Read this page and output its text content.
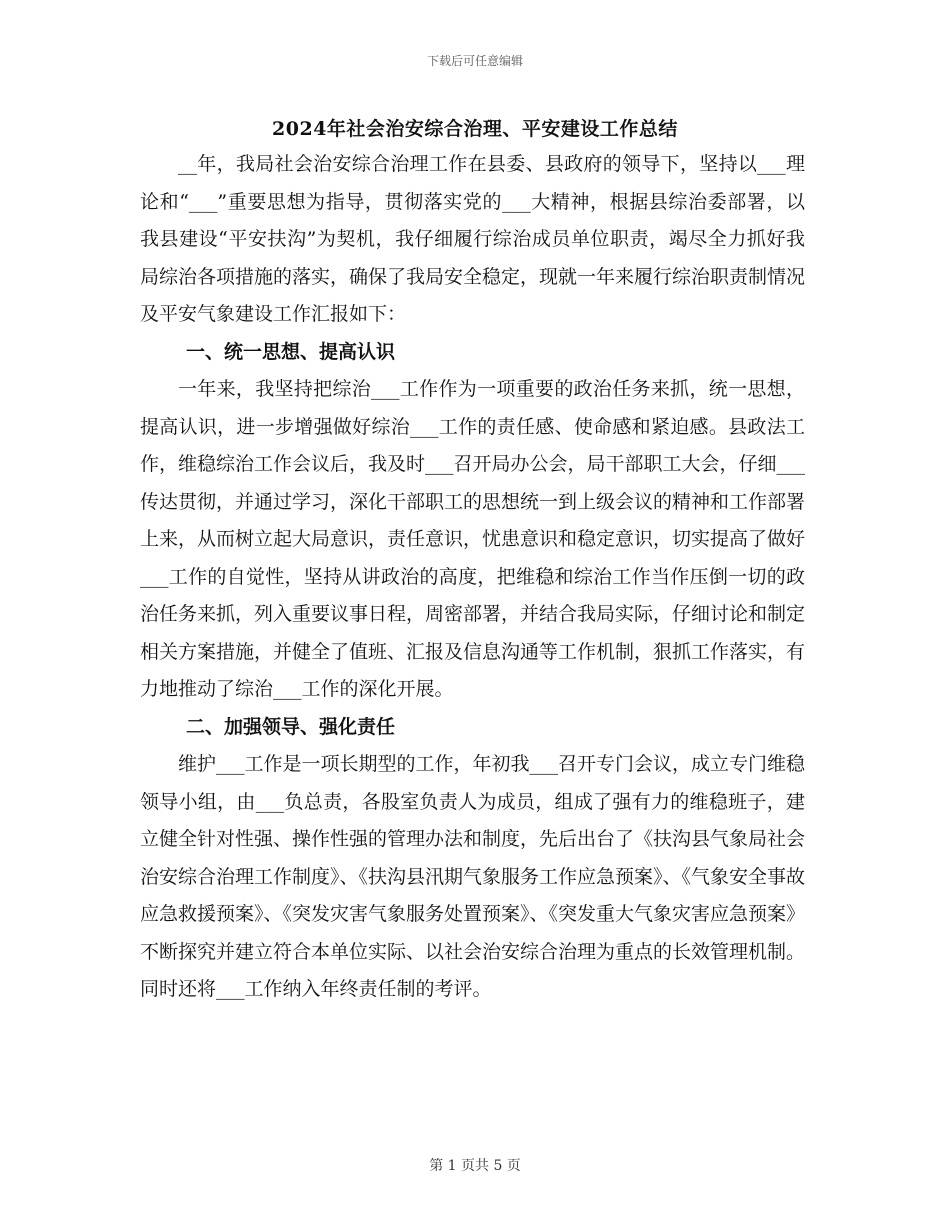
下载后可任意编辑
2024年社会治安综合治理、平安建设工作总结

__年，我局社会治安综合治理工作在县委、县政府的领导下，坚持以___理论和“___”重要思想为指导，贯彻落实党的___大精神，根据县综治委部署，以我县建设“平安扶沟”为契机，我仔细履行综治成员单位职责，竭尽全力抓好我局综治各项措施的落实，确保了我局安全稳定，现就一年来履行综治职责制情况及平安气象建设工作汇报如下：

一、统一思想、提高认识

一年来，我坚持把综治___工作作为一项重要的政治任务来抓，统一思想，提高认识，进一步增强做好综治___工作的责任感、使命感和紧迫感。县政法工作，维稳综治工作会议后，我及时___召开局办公会，局干部职工大会，仔细___传达贯彻，并通过学习，深化干部职工的思想统一到上级会议的精神和工作部署上来，从而树立起大局意识，责任意识，忧患意识和稳定意识，切实提高了做好___工作的自觉性，坚持从讲政治的高度，把维稳和综治工作当作压倒一切的政治任务来抓，列入重要议事日程，周密部署，并结合我局实际，仔细讨论和制定相关方案措施，并健全了值班、汇报及信息沟通等工作机制，狠抓工作落实，有力地推动了综治___工作的深化开展。

二、加强领导、强化责任

维护___工作是一项长期型的工作，年初我___召开专门会议，成立专门维稳领导小组，由___负总责，各股室负责人为成员，组成了强有力的维稳班子，建立健全针对性强、操作性强的管理办法和制度，先后出台了《扶沟县气象局社会治安综合治理工作制度》、《扶沟县汛期气象服务工作应急预案》、《气象安全事故应急救援预案》、《突发灾害气象服务处置预案》、《突发重大气象灾害应急预案》不断探究并建立符合本单位实际、以社会治安综合治理为重点的长效管理机制。同时还将___工作纳入年终责任制的考评。

第 1 页共 5 页
